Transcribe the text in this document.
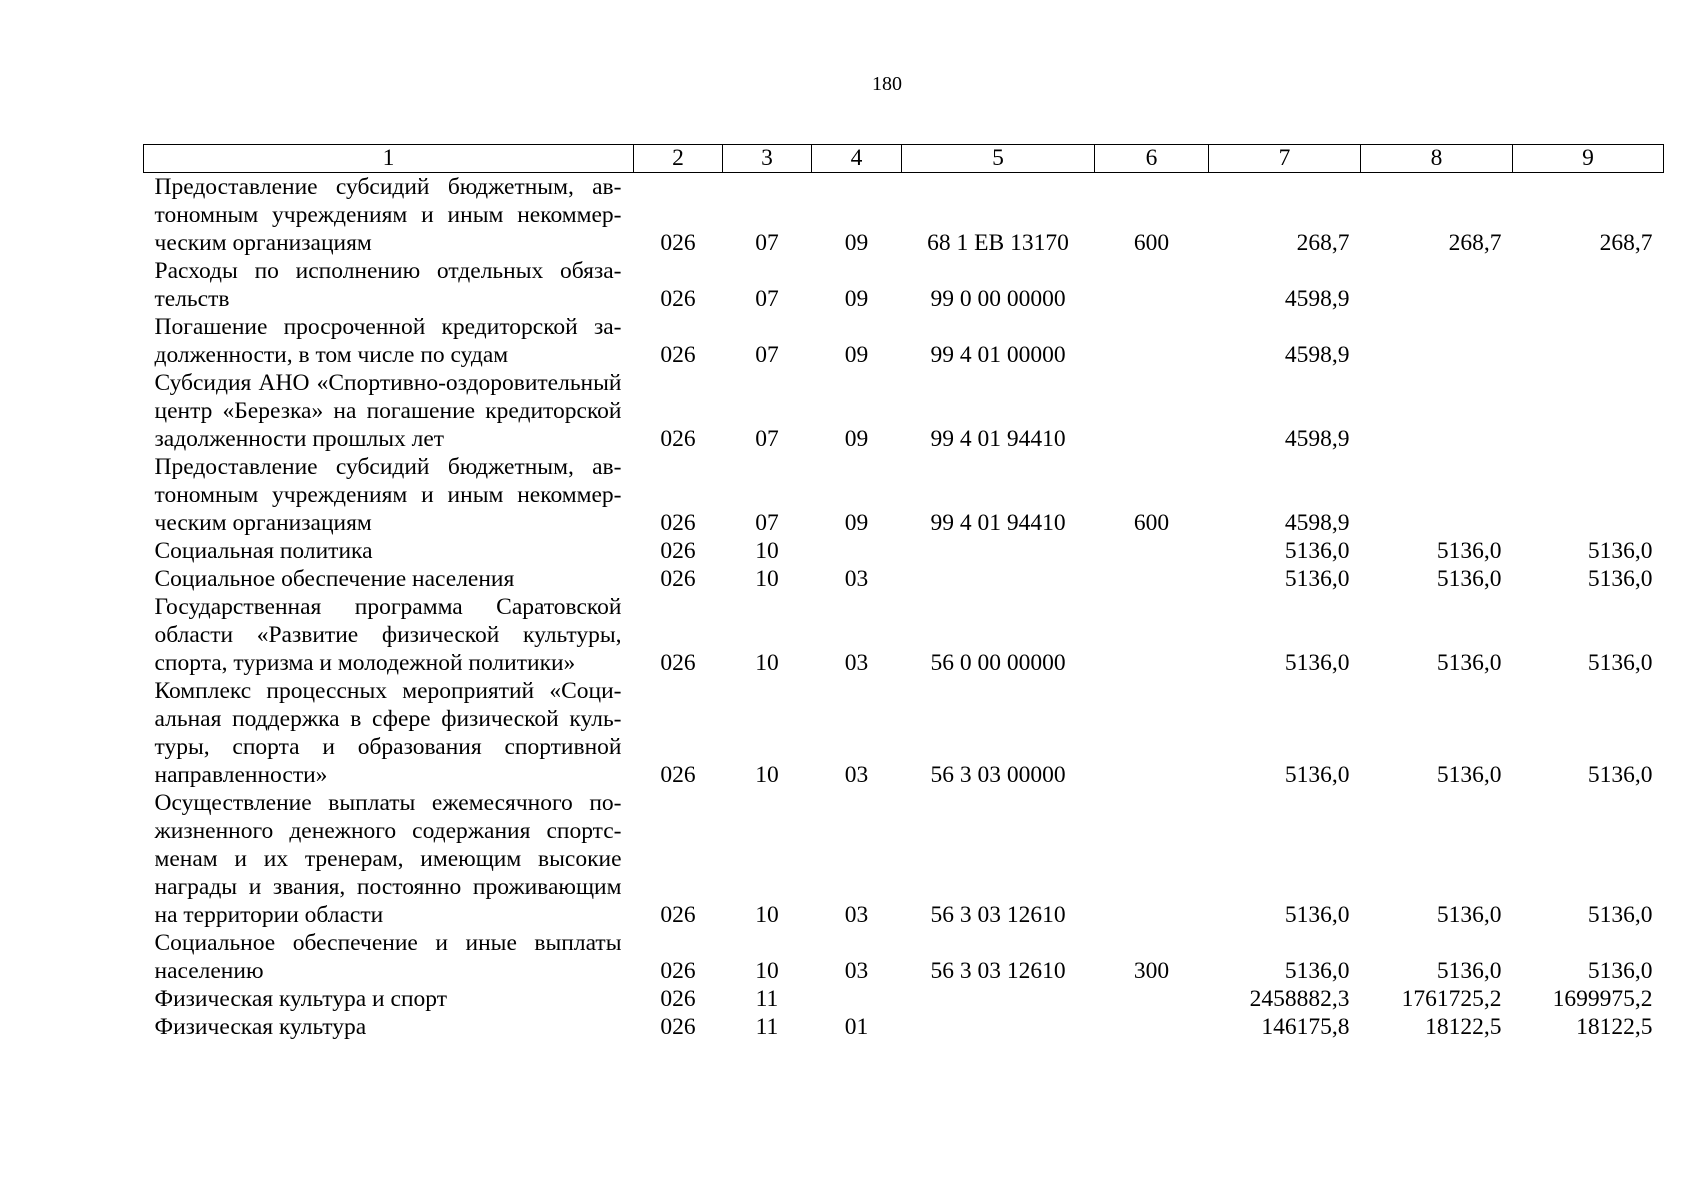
180
1	2	3	4	5	6	7	8	9
Предоставление субсидий бюджетным, автономным учреждениям и иным некоммерческим организациям	026	07	09	68 1 EB 13170	600	268,7	268,7	268,7
Расходы по исполнению отдельных обязательств	026	07	09	99 0 00 00000		4598,9		
Погашение просроченной кредиторской задолженности, в том числе по судам	026	07	09	99 4 01 00000		4598,9		
Субсидия АНО «Спортивно-оздоровительный центр «Березка» на погашение кредиторской задолженности прошлых лет	026	07	09	99 4 01 94410		4598,9		
Предоставление субсидий бюджетным, автономным учреждениям и иным некоммерческим организациям	026	07	09	99 4 01 94410	600	4598,9		
Социальная политика	026	10				5136,0	5136,0	5136,0
Социальное обеспечение населения	026	10	03			5136,0	5136,0	5136,0
Государственная программа Саратовской области «Развитие физической культуры, спорта, туризма и молодежной политики»	026	10	03	56 0 00 00000		5136,0	5136,0	5136,0
Комплекс процессных мероприятий «Социальная поддержка в сфере физической культуры, спорта и образования спортивной направленности»	026	10	03	56 3 03 00000		5136,0	5136,0	5136,0
Осуществление выплаты ежемесячного пожизненного денежного содержания спортсменам и их тренерам, имеющим высокие награды и звания, постоянно проживающим на территории области	026	10	03	56 3 03 12610		5136,0	5136,0	5136,0
Социальное обеспечение и иные выплаты населению	026	10	03	56 3 03 12610	300	5136,0	5136,0	5136,0
Физическая культура и спорт	026	11				2458882,3	1761725,2	1699975,2
Физическая культура	026	11	01			146175,8	18122,5	18122,5
